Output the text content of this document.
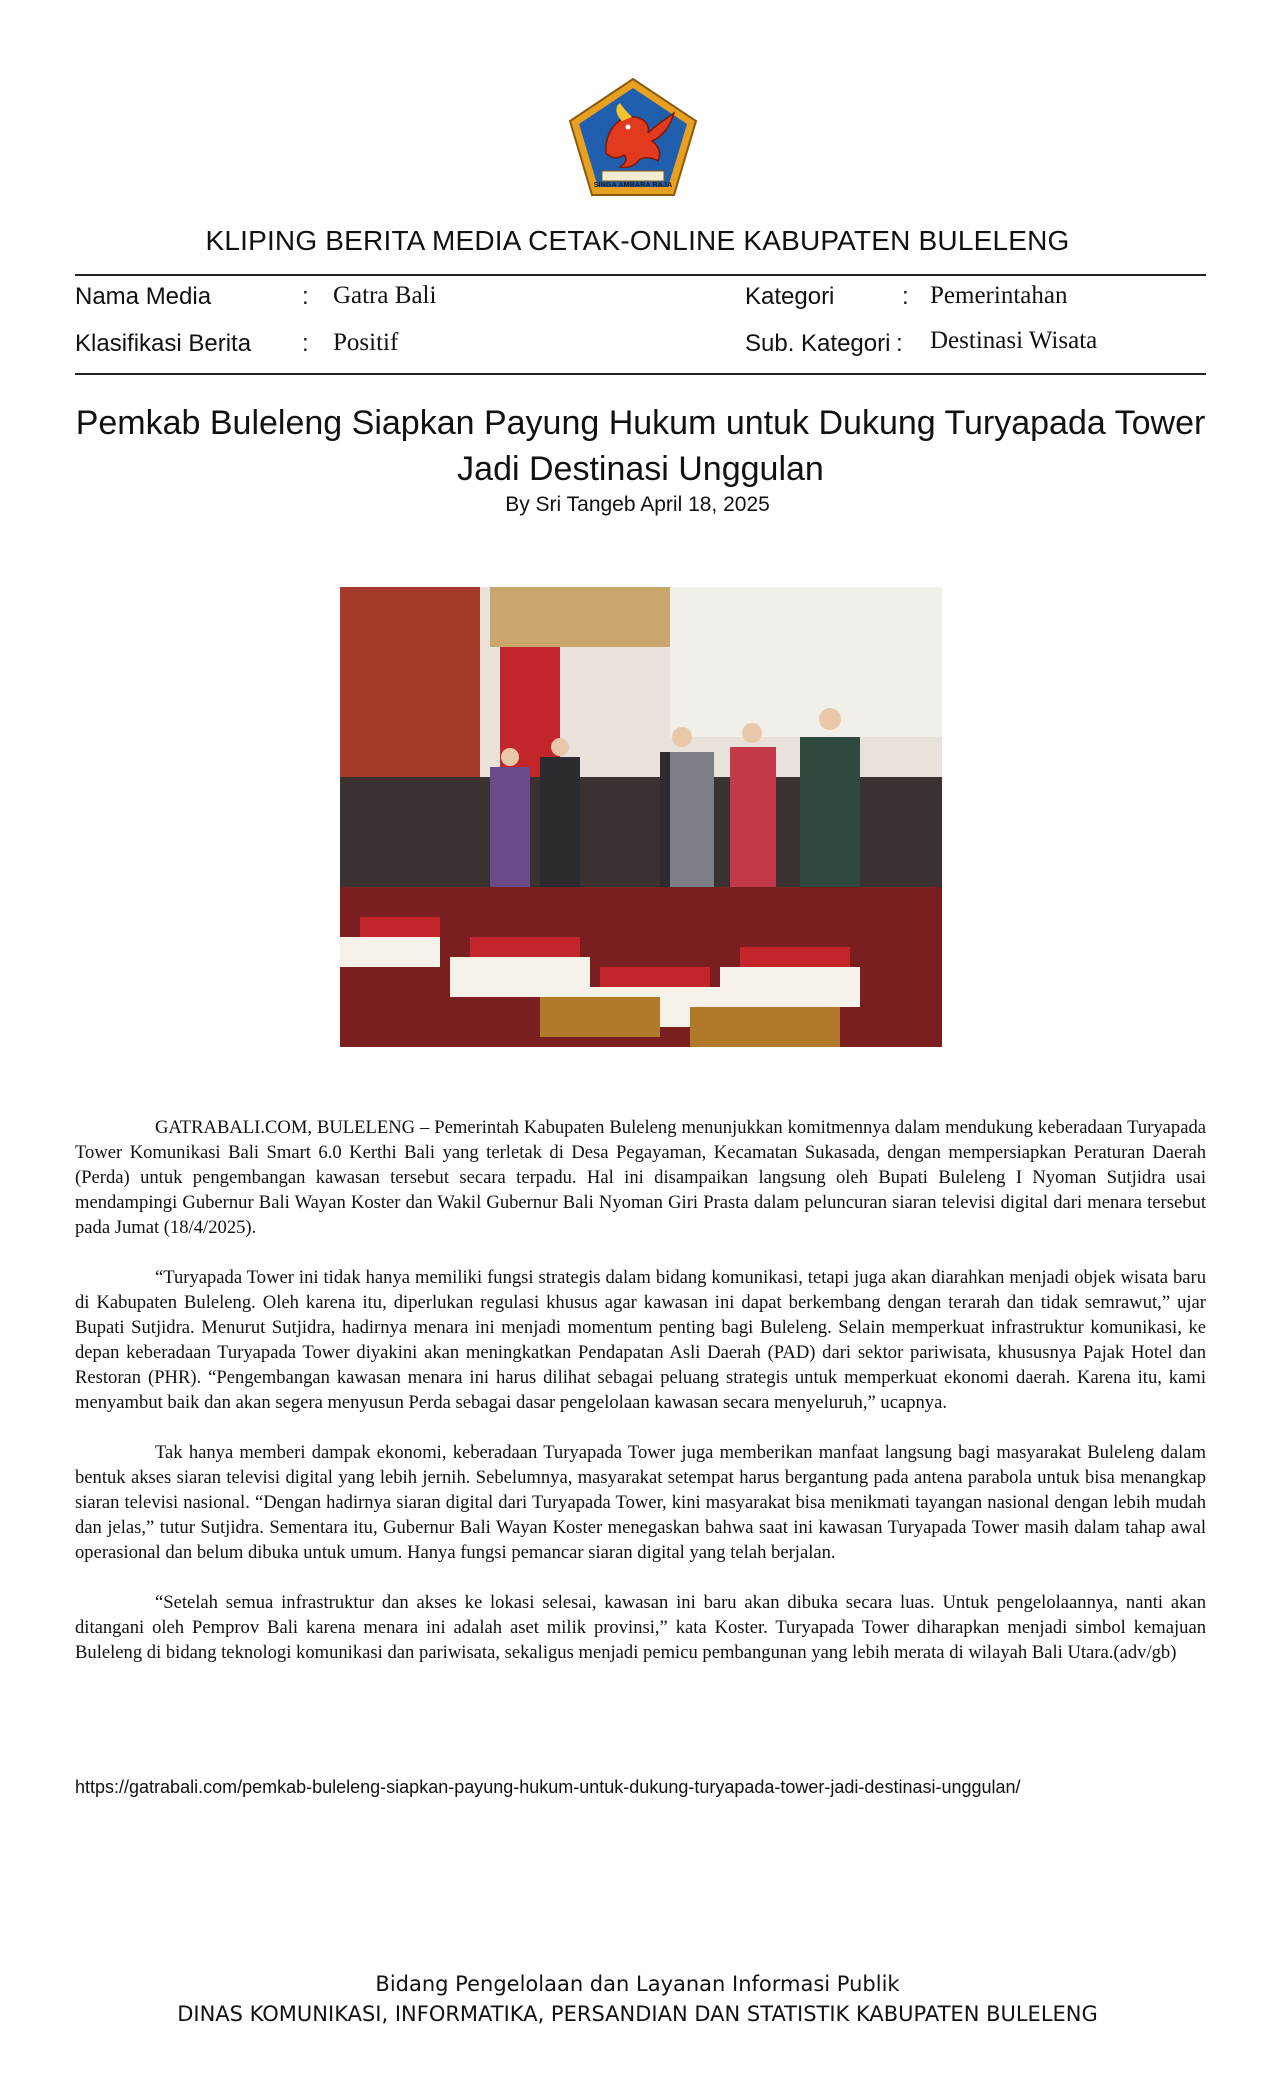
SINGA AMBARA RAJA
KLIPING BERITA MEDIA CETAK-ONLINE KABUPATEN BULELENG
Nama Media	: Gatra Bali	Kategori	: Pemerintahan
Klasifikasi Berita : Positif	Sub. Kategori : Destinasi Wisata
Pemkab Buleleng Siapkan Payung Hukum untuk Dukung Turyapada Tower Jadi Destinasi Unggulan
By Sri Tangeb April 18, 2025

GATRABALI.COM, BULELENG – Pemerintah Kabupaten Buleleng menunjukkan komitmennya dalam mendukung keberadaan Turyapada Tower Komunikasi Bali Smart 6.0 Kerthi Bali yang terletak di Desa Pegayaman, Kecamatan Sukasada, dengan mempersiapkan Peraturan Daerah (Perda) untuk pengembangan kawasan tersebut secara terpadu. Hal ini disampaikan langsung oleh Bupati Buleleng I Nyoman Sutjidra usai mendampingi Gubernur Bali Wayan Koster dan Wakil Gubernur Bali Nyoman Giri Prasta dalam peluncuran siaran televisi digital dari menara tersebut pada Jumat (18/4/2025).

“Turyapada Tower ini tidak hanya memiliki fungsi strategis dalam bidang komunikasi, tetapi juga akan diarahkan menjadi objek wisata baru di Kabupaten Buleleng. Oleh karena itu, diperlukan regulasi khusus agar kawasan ini dapat berkembang dengan terarah dan tidak semrawut,” ujar Bupati Sutjidra. Menurut Sutjidra, hadirnya menara ini menjadi momentum penting bagi Buleleng. Selain memperkuat infrastruktur komunikasi, ke depan keberadaan Turyapada Tower diyakini akan meningkatkan Pendapatan Asli Daerah (PAD) dari sektor pariwisata, khususnya Pajak Hotel dan Restoran (PHR). “Pengembangan kawasan menara ini harus dilihat sebagai peluang strategis untuk memperkuat ekonomi daerah. Karena itu, kami menyambut baik dan akan segera menyusun Perda sebagai dasar pengelolaan kawasan secara menyeluruh,” ucapnya.

Tak hanya memberi dampak ekonomi, keberadaan Turyapada Tower juga memberikan manfaat langsung bagi masyarakat Buleleng dalam bentuk akses siaran televisi digital yang lebih jernih. Sebelumnya, masyarakat setempat harus bergantung pada antena parabola untuk bisa menangkap siaran televisi nasional. “Dengan hadirnya siaran digital dari Turyapada Tower, kini masyarakat bisa menikmati tayangan nasional dengan lebih mudah dan jelas,” tutur Sutjidra. Sementara itu, Gubernur Bali Wayan Koster menegaskan bahwa saat ini kawasan Turyapada Tower masih dalam tahap awal operasional dan belum dibuka untuk umum. Hanya fungsi pemancar siaran digital yang telah berjalan.

“Setelah semua infrastruktur dan akses ke lokasi selesai, kawasan ini baru akan dibuka secara luas. Untuk pengelolaannya, nanti akan ditangani oleh Pemprov Bali karena menara ini adalah aset milik provinsi,” kata Koster. Turyapada Tower diharapkan menjadi simbol kemajuan Buleleng di bidang teknologi komunikasi dan pariwisata, sekaligus menjadi pemicu pembangunan yang lebih merata di wilayah Bali Utara.(adv/gb)

https://gatrabali.com/pemkab-buleleng-siapkan-payung-hukum-untuk-dukung-turyapada-tower-jadi-destinasi-unggulan/
Bidang Pengelolaan dan Layanan Informasi Publik
DINAS KOMUNIKASI, INFORMATIKA, PERSANDIAN DAN STATISTIK KABUPATEN BULELENG
